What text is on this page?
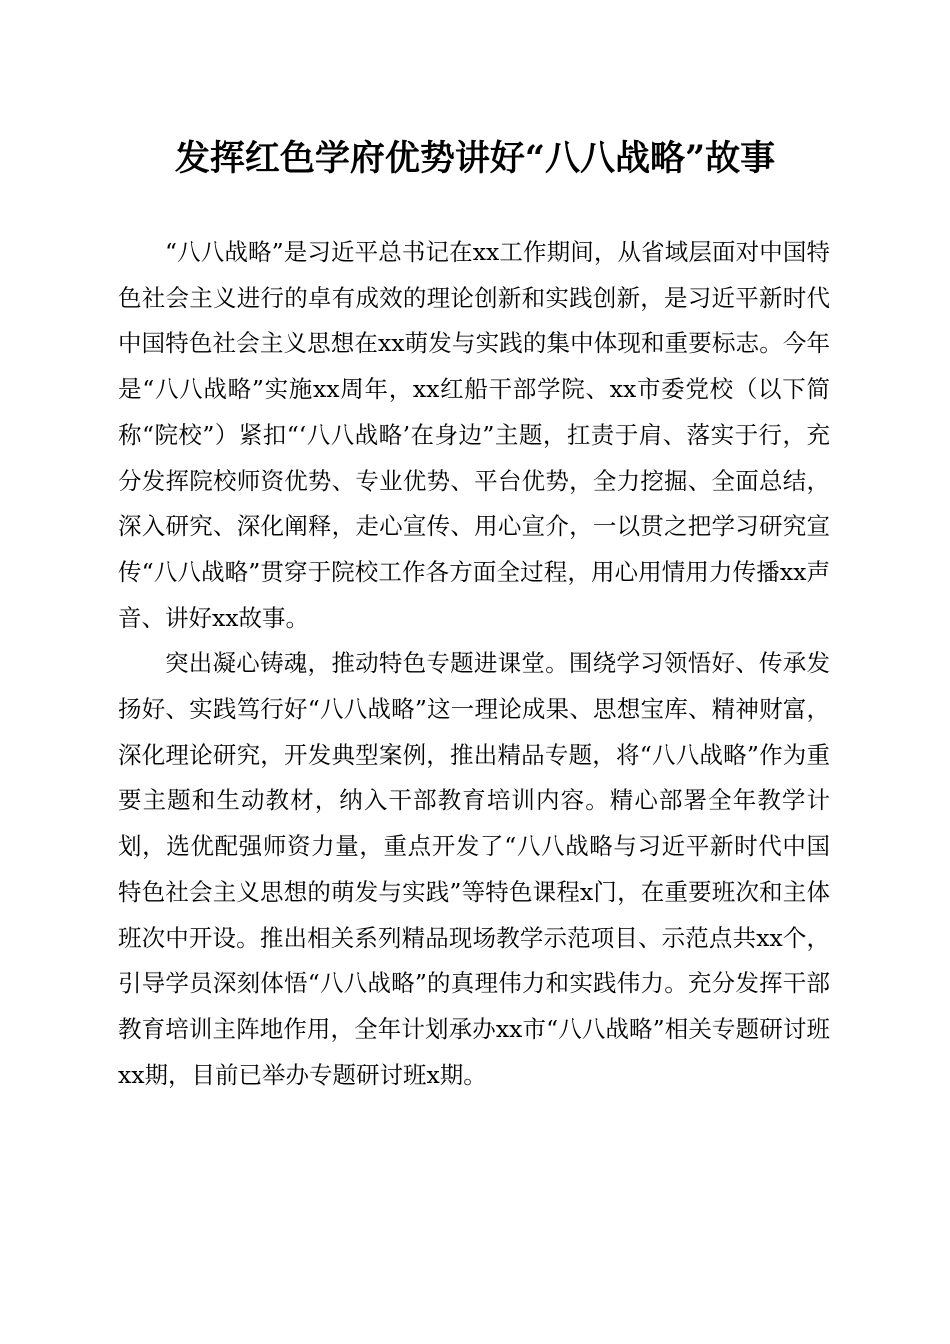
发挥红色学府优势讲好“八八战略”故事

“八八战略”是习近平总书记在xx工作期间，从省域层面对中国特色社会主义进行的卓有成效的理论创新和实践创新，是习近平新时代中国特色社会主义思想在xx萌发与实践的集中体现和重要标志。今年是“八八战略”实施xx周年，xx红船干部学院、xx市委党校（以下简称“院校”）紧扣“‘八八战略’在身边”主题，扛责于肩、落实于行，充分发挥院校师资优势、专业优势、平台优势，全力挖掘、全面总结，深入研究、深化阐释，走心宣传、用心宣介，一以贯之把学习研究宣传“八八战略”贯穿于院校工作各方面全过程，用心用情用力传播xx声音、讲好xx故事。

突出凝心铸魂，推动特色专题进课堂。围绕学习领悟好、传承发扬好、实践笃行好“八八战略”这一理论成果、思想宝库、精神财富，深化理论研究，开发典型案例，推出精品专题，将“八八战略”作为重要主题和生动教材，纳入干部教育培训内容。精心部署全年教学计划，选优配强师资力量，重点开发了“八八战略与习近平新时代中国特色社会主义思想的萌发与实践”等特色课程x门，在重要班次和主体班次中开设。推出相关系列精品现场教学示范项目、示范点共xx个，引导学员深刻体悟“八八战略”的真理伟力和实践伟力。充分发挥干部教育培训主阵地作用，全年计划承办xx市“八八战略”相关专题研讨班xx期，目前已举办专题研讨班x期。
